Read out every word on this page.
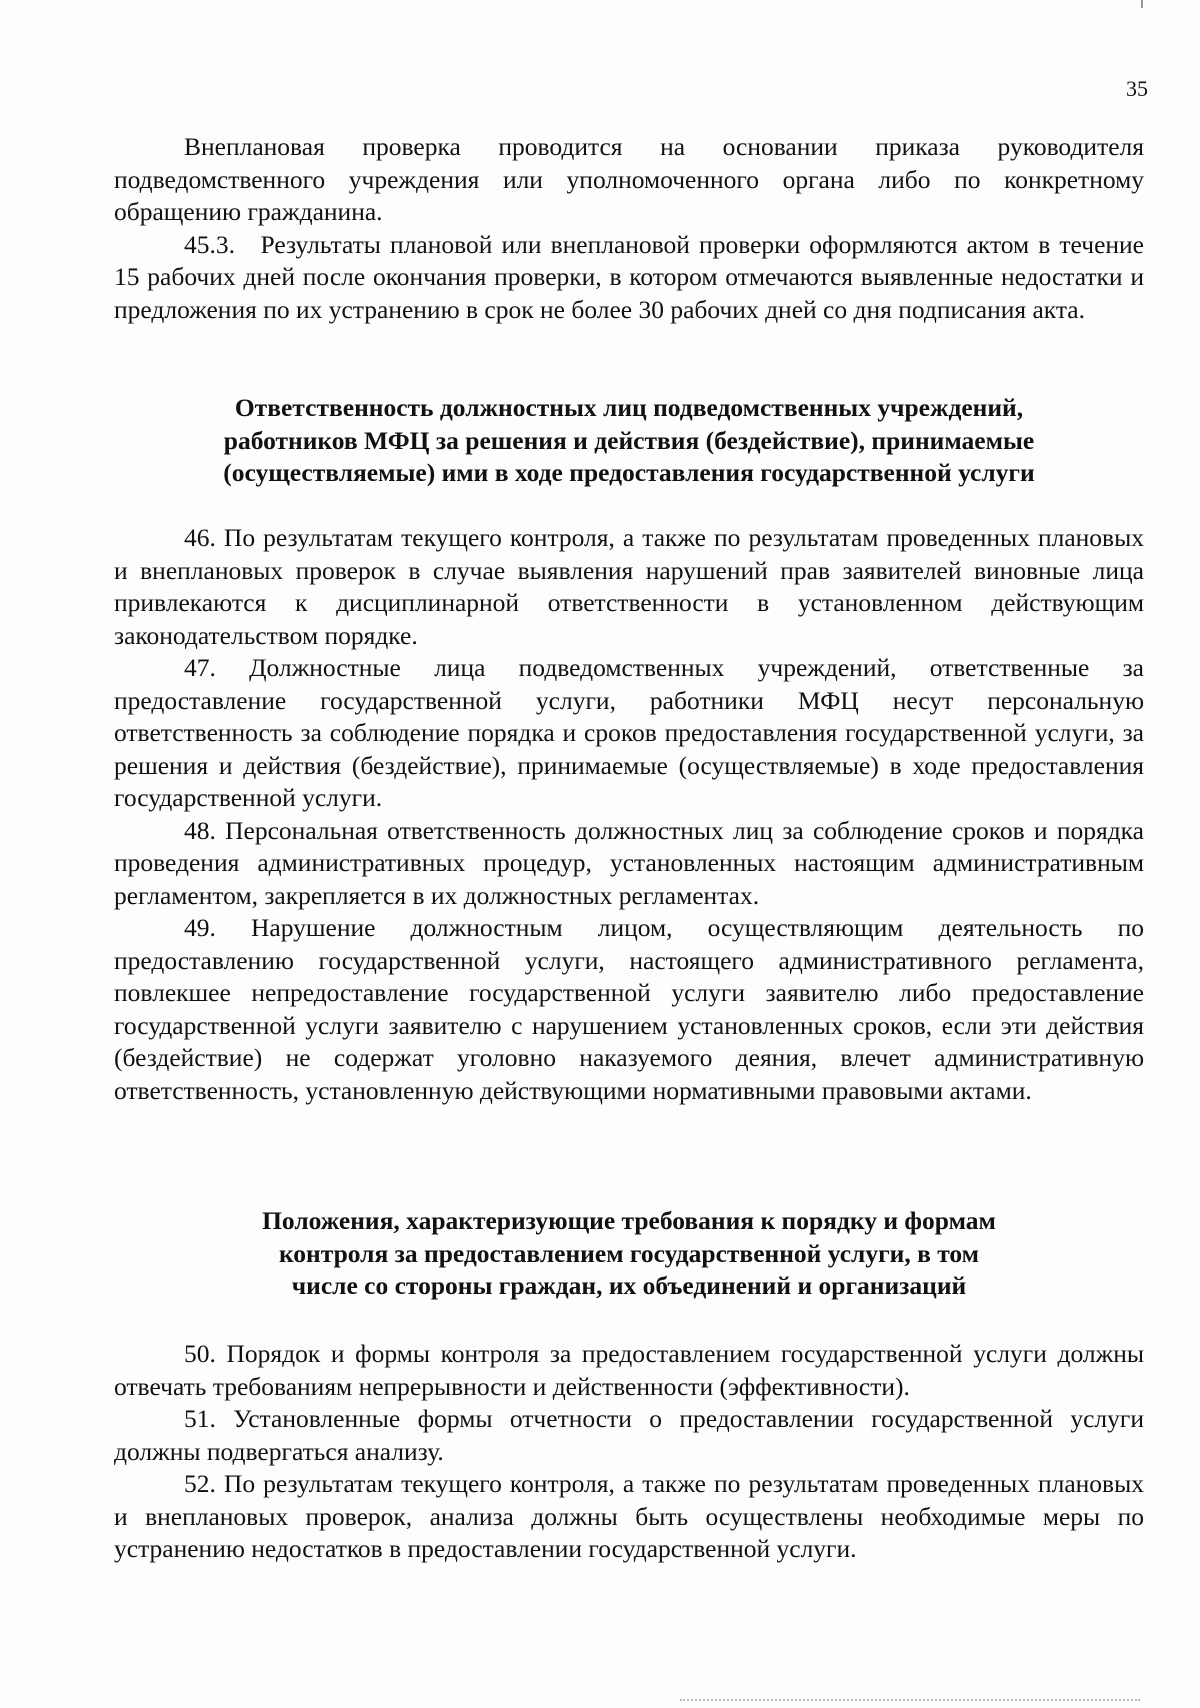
35

Внеплановая проверка проводится на основании приказа руководителя подведомственного учреждения или уполномоченного органа либо по конкретному обращению гражданина.

45.3. Результаты плановой или внеплановой проверки оформляются актом в течение 15 рабочих дней после окончания проверки, в котором отмечаются выявленные недостатки и предложения по их устранению в срок не более 30 рабочих дней со дня подписания акта.

Ответственность должностных лиц подведомственных учреждений,
работников МФЦ за решения и действия (бездействие), принимаемые
(осуществляемые) ими в ходе предоставления государственной услуги

46. По результатам текущего контроля, а также по результатам проведенных плановых и внеплановых проверок в случае выявления нарушений прав заявителей виновные лица привлекаются к дисциплинарной ответственности в установленном действующим законодательством порядке.

47. Должностные лица подведомственных учреждений, ответственные за предоставление государственной услуги, работники МФЦ несут персональную ответственность за соблюдение порядка и сроков предоставления государственной услуги, за решения и действия (бездействие), принимаемые (осуществляемые) в ходе предоставления государственной услуги.

48. Персональная ответственность должностных лиц за соблюдение сроков и порядка проведения административных процедур, установленных настоящим административным регламентом, закрепляется в их должностных регламентах.

49. Нарушение должностным лицом, осуществляющим деятельность по предоставлению государственной услуги, настоящего административного регламента, повлекшее непредоставление государственной услуги заявителю либо предоставление государственной услуги заявителю с нарушением установленных сроков, если эти действия (бездействие) не содержат уголовно наказуемого деяния, влечет административную ответственность, установленную действующими нормативными правовыми актами.

Положения, характеризующие требования к порядку и формам
контроля за предоставлением государственной услуги, в том
числе со стороны граждан, их объединений и организаций

50. Порядок и формы контроля за предоставлением государственной услуги должны отвечать требованиям непрерывности и действенности (эффективности).

51. Установленные формы отчетности о предоставлении государственной услуги должны подвергаться анализу.

52. По результатам текущего контроля, а также по результатам проведенных плановых и внеплановых проверок, анализа должны быть осуществлены необходимые меры по устранению недостатков в предоставлении государственной услуги.
